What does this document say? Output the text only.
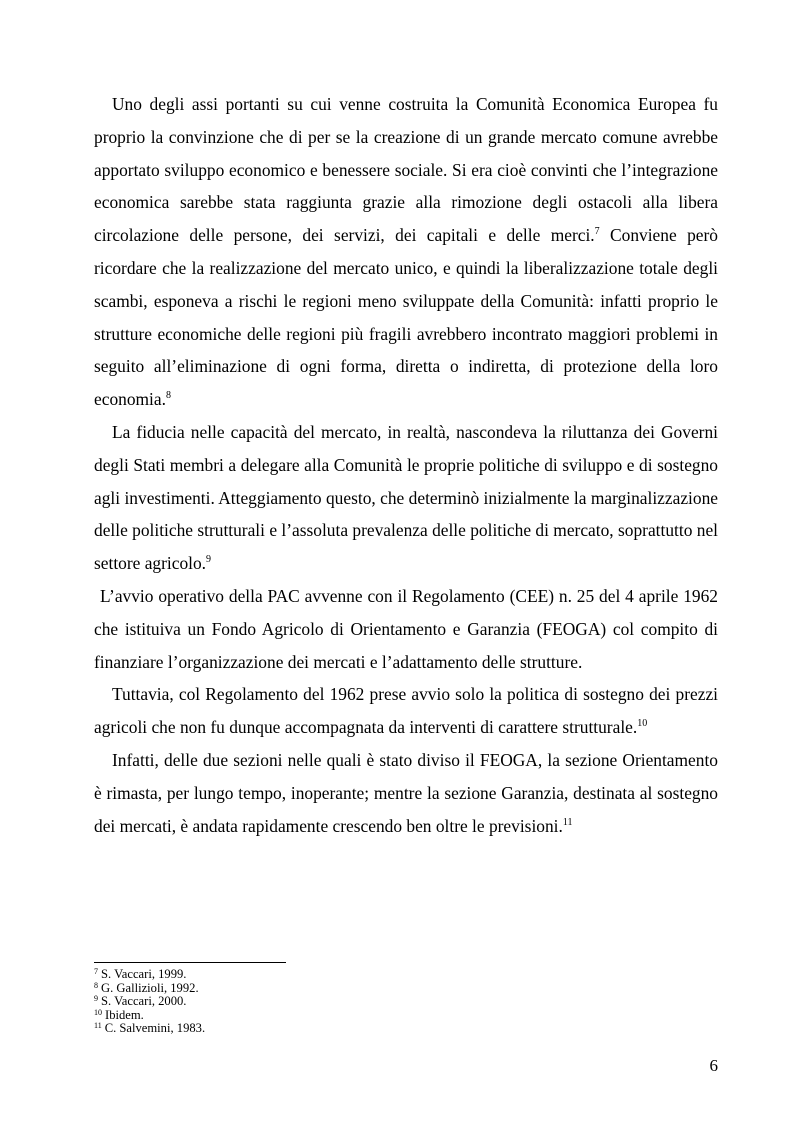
Uno degli assi portanti su cui venne costruita la Comunità Economica Europea fu proprio la convinzione che di per se la creazione di un grande mercato comune avrebbe apportato sviluppo economico e benessere sociale. Si era cioè convinti che l’integrazione economica sarebbe stata raggiunta grazie alla rimozione degli ostacoli alla libera circolazione delle persone, dei servizi, dei capitali e delle merci.$^7$ Conviene però ricordare che la realizzazione del mercato unico, e quindi la liberalizzazione totale degli scambi, esponeva a rischi le regioni meno sviluppate della Comunità: infatti proprio le strutture economiche delle regioni più fragili avrebbero incontrato maggiori problemi in seguito all’eliminazione di ogni forma, diretta o indiretta, di protezione della loro economia.$^8$

La fiducia nelle capacità del mercato, in realtà, nascondeva la riluttanza dei Governi degli Stati membri a delegare alla Comunità le proprie politiche di sviluppo e di sostegno agli investimenti. Atteggiamento questo, che determinò inizialmente la marginalizzazione delle politiche strutturali e l’assoluta prevalenza delle politiche di mercato, soprattutto nel settore agricolo.$^9$

L’avvio operativo della PAC avvenne con il Regolamento (CEE) n. 25 del 4 aprile 1962 che istituiva un Fondo Agricolo di Orientamento e Garanzia (FEOGA) col compito di finanziare l’organizzazione dei mercati e l’adattamento delle strutture.

Tuttavia, col Regolamento del 1962 prese avvio solo la politica di sostegno dei prezzi agricoli che non fu dunque accompagnata da interventi di carattere strutturale.$^{10}$

Infatti, delle due sezioni nelle quali è stato diviso il FEOGA, la sezione Orientamento è rimasta, per lungo tempo, inoperante; mentre la sezione Garanzia, destinata al sostegno dei mercati, è andata rapidamente crescendo ben oltre le previsioni.$^{11}$

$^7$ S. Vaccari, 1999.
$^8$ G. Gallizioli, 1992.
$^9$ S. Vaccari, 2000.
$^{10}$ Ibidem.
$^{11}$ C. Salvemini, 1983.
6
